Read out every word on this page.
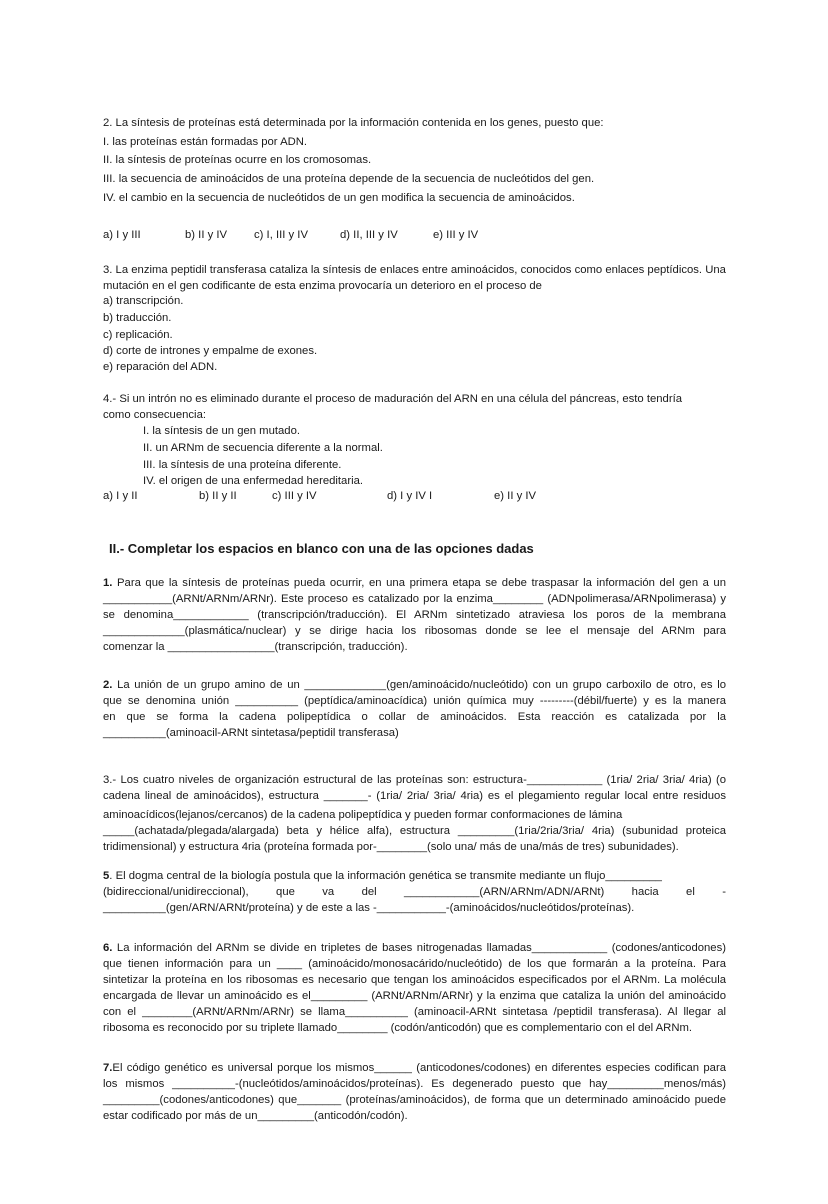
2. La síntesis de proteínas está determinada por la información contenida en los genes, puesto que:
I. las proteínas están formadas por ADN.
II. la síntesis de proteínas ocurre en los cromosomas.
III. la secuencia de aminoácidos de una proteína depende de la secuencia de nucleótidos del gen.
IV. el cambio en la secuencia de nucleótidos de un gen modifica la secuencia de aminoácidos.
a) I y III	b) II y IV c) I, III y IV	d) II, III y IV	e) III y IV
3. La enzima peptidil transferasa cataliza la síntesis de enlaces entre aminoácidos, conocidos como enlaces peptídicos. Una
mutación en el gen codificante de esta enzima provocaría un deterioro en el proceso de
a) transcripción.
b) traducción.
c) replicación.
d) corte de intrones y empalme de exones.
e) reparación del ADN.
4.- Si un intrón no es eliminado durante el proceso de maduración del ARN en una célula del páncreas, esto tendría
como consecuencia:
I. la síntesis de un gen mutado.
II. un ARNm de secuencia diferente a la normal.
III. la síntesis de una proteína diferente.
IV. el origen de una enfermedad hereditaria.
a) I y II	b) II y II	c) III y IV	d) I y IV I	e) II y IV
II.- Completar los espacios en blanco con una de las opciones dadas
1. Para que la síntesis de proteínas pueda ocurrir, en una primera etapa se debe traspasar la información del gen a un
___________(ARNt/ARNm/ARNr). Este proceso es catalizado por la enzima________ (ADNpolimerasa/ARNpolimerasa) y
se denomina____________ (transcripción/traducción). El ARNm sintetizado atraviesa los poros de la membrana
_____________(plasmática/nuclear) y se dirige hacia los ribosomas donde se lee el mensaje del ARNm para
comenzar la _________________(transcripción, traducción).
2. La unión de un grupo amino de un _____________(gen/aminoácido/nucleótido) con un grupo carboxilo de otro, es lo
que se denomina unión __________ (peptídica/aminoacídica) unión química muy ---------(débil/fuerte) y es la manera
en que se forma la cadena polipeptídica o collar de aminoácidos. Esta reacción es catalizada por la
__________(aminoacil-ARNt sintetasa/peptidil transferasa)
3.- Los cuatro niveles de organización estructural de las proteínas son: estructura-____________ (1ria/ 2ria/ 3ria/ 4ria) (o
cadena lineal de aminoácidos), estructura _______- (1ria/ 2ria/ 3ria/ 4ria) es el plegamiento regular local entre residuos
aminoacídicos(lejanos/cercanos) de la cadena polipeptídica y pueden formar conformaciones de lámina
_____(achatada/plegada/alargada) beta y hélice alfa), estructura _________(1ria/2ria/3ria/ 4ria) (subunidad proteica
tridimensional) y estructura 4ria (proteína formada por-________(solo una/ más de una/más de tres) subunidades).
5. El dogma central de la biología postula que la información genética se transmite mediante un flujo_________
(bidireccional/unidireccional), que va del ____________(ARN/ARNm/ADN/ARNt) hacia el -
__________(gen/ARN/ARNt/proteína) y de este a las -___________-(aminoácidos/nucleótidos/proteínas).
6. La información del ARNm se divide en tripletes de bases nitrogenadas llamadas____________ (codones/anticodones)
que tienen información para un ____ (aminoácido/monosacárido/nucleótido) de los que formarán a la proteína. Para
sintetizar la proteína en los ribosomas es necesario que tengan los aminoácidos especificados por el ARNm. La molécula
encargada de llevar un aminoácido es el_________ (ARNt/ARNm/ARNr) y la enzima que cataliza la unión del aminoácido
con el ________(ARNt/ARNm/ARNr) se llama__________ (aminoacil-ARNt sintetasa /peptidil transferasa). Al llegar al
ribosoma es reconocido por su triplete llamado________ (codón/anticodón) que es complementario con el del ARNm.
7.El código genético es universal porque los mismos______ (anticodones/codones) en diferentes especies codifican para
los mismos __________-(nucleótidos/aminoácidos/proteínas). Es degenerado puesto que hay_________menos/más)
_________(codones/anticodones) que_______ (proteínas/aminoácidos), de forma que un determinado aminoácido puede
estar codificado por más de un_________(anticodón/codón).
